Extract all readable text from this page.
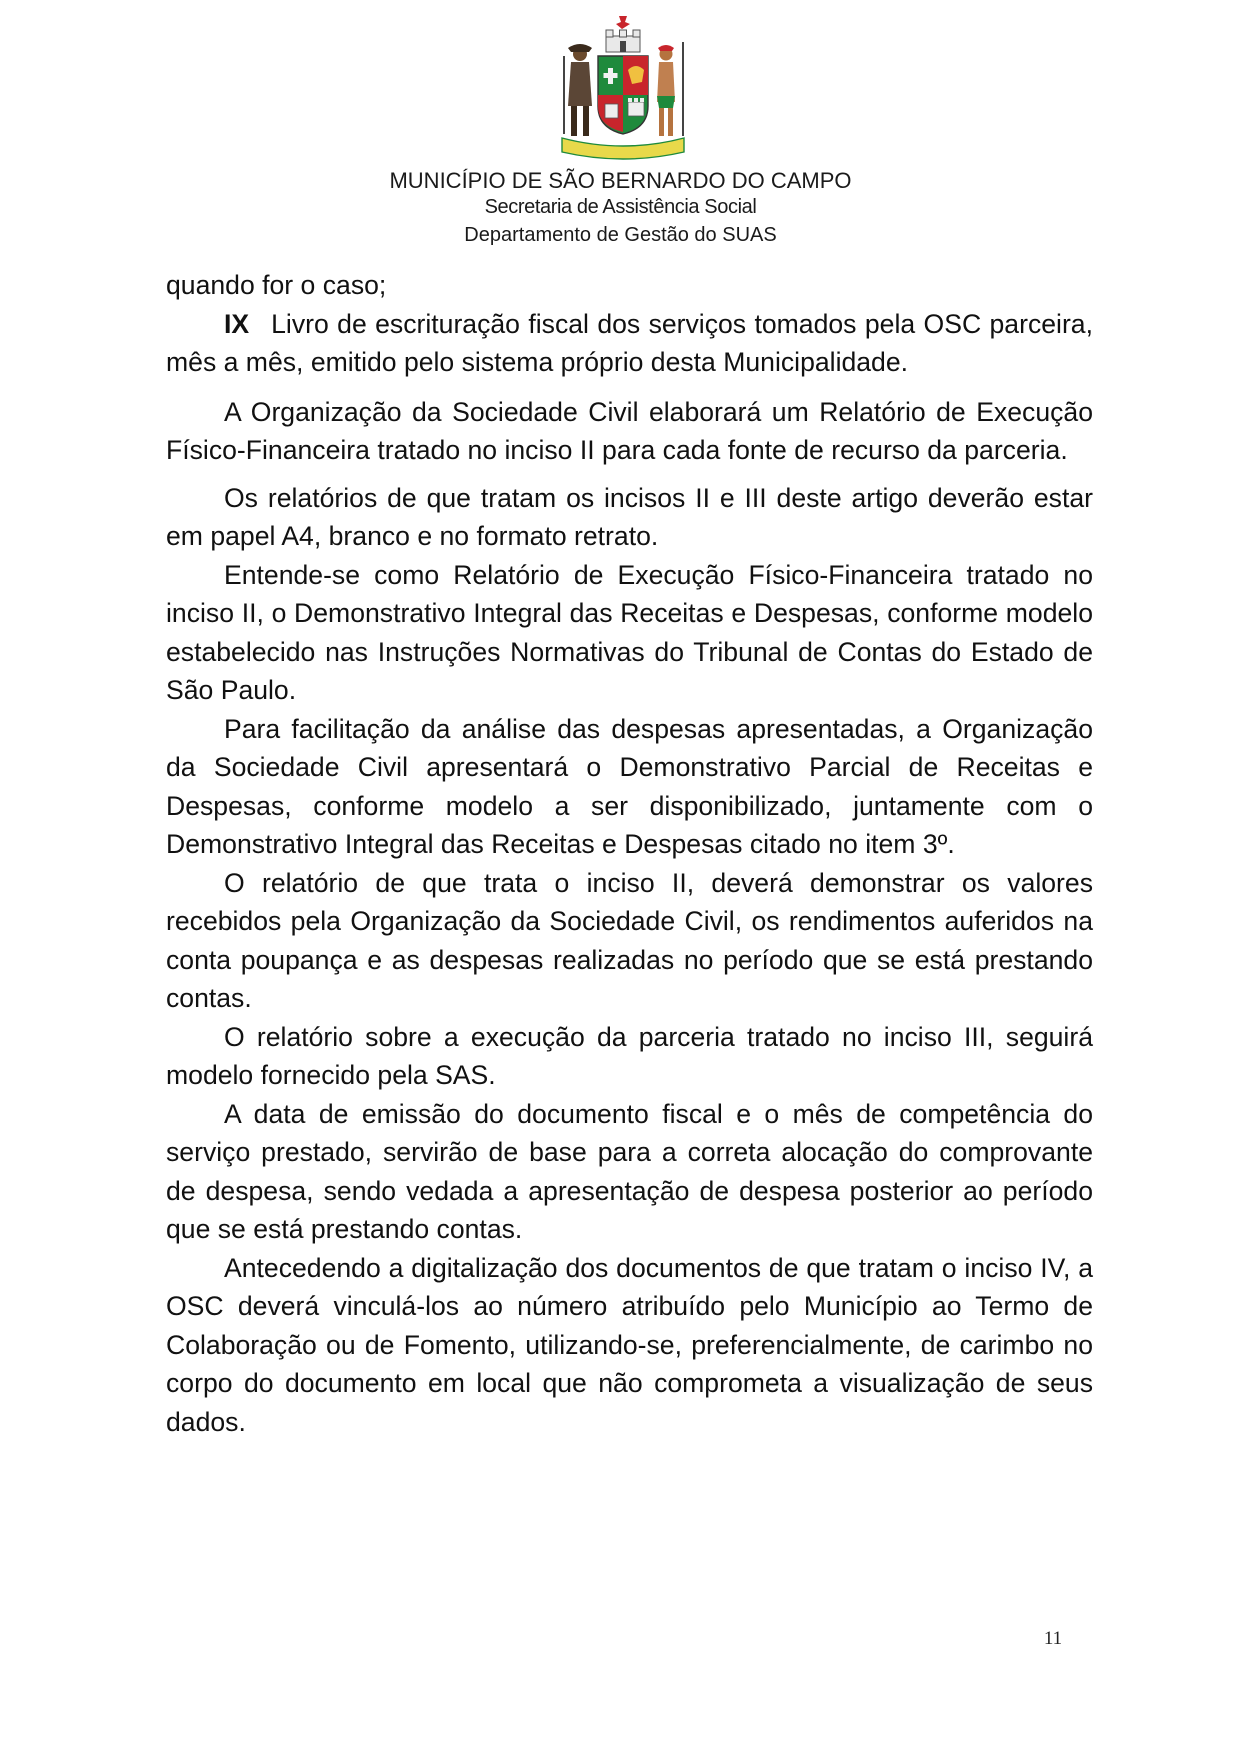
MUNICÍPIO DE SÃO BERNARDO DO CAMPO
Secretaria de Assistência Social
Departamento de Gestão do SUAS

quando for o caso;

IX Livro de escrituração fiscal dos serviços tomados pela OSC parceira, mês a mês, emitido pelo sistema próprio desta Municipalidade.

A Organização da Sociedade Civil elaborará um Relatório de Execução Físico-Financeira tratado no inciso II para cada fonte de recurso da parceria.

Os relatórios de que tratam os incisos II e III deste artigo deverão estar em papel A4, branco e no formato retrato.

Entende-se como Relatório de Execução Físico-Financeira tratado no inciso II, o Demonstrativo Integral das Receitas e Despesas, conforme modelo estabelecido nas Instruções Normativas do Tribunal de Contas do Estado de São Paulo.

Para facilitação da análise das despesas apresentadas, a Organização da Sociedade Civil apresentará o Demonstrativo Parcial de Receitas e Despesas, conforme modelo a ser disponibilizado, juntamente com o Demonstrativo Integral das Receitas e Despesas citado no item 3º.

O relatório de que trata o inciso II, deverá demonstrar os valores recebidos pela Organização da Sociedade Civil, os rendimentos auferidos na conta poupança e as despesas realizadas no período que se está prestando contas.

O relatório sobre a execução da parceria tratado no inciso III, seguirá modelo fornecido pela SAS.

A data de emissão do documento fiscal e o mês de competência do serviço prestado, servirão de base para a correta alocação do comprovante de despesa, sendo vedada a apresentação de despesa posterior ao período que se está prestando contas.

Antecedendo a digitalização dos documentos de que tratam o inciso IV, a OSC deverá vinculá-los ao número atribuído pelo Município ao Termo de Colaboração ou de Fomento, utilizando-se, preferencialmente, de carimbo no corpo do documento em local que não comprometa a visualização de seus dados.

11
